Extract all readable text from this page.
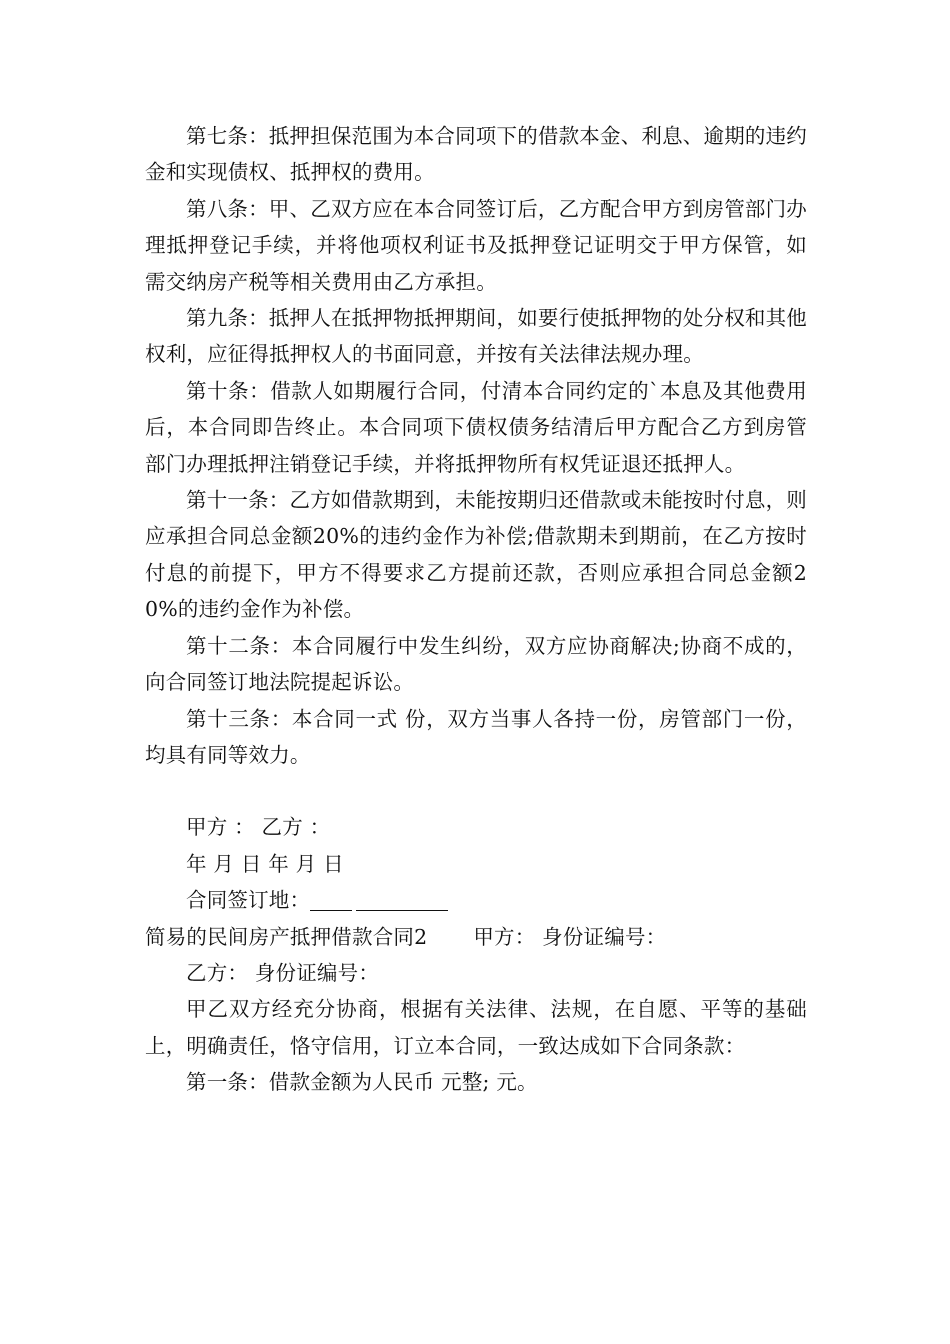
第七条：抵押担保范围为本合同项下的借款本金、利息、逾期的违约金和实现债权、抵押权的费用。

第八条：甲、乙双方应在本合同签订后，乙方配合甲方到房管部门办理抵押登记手续，并将他项权利证书及抵押登记证明交于甲方保管，如需交纳房产税等相关费用由乙方承担。

第九条：抵押人在抵押物抵押期间，如要行使抵押物的处分权和其他权利，应征得抵押权人的书面同意，并按有关法律法规办理。

第十条：借款人如期履行合同，付清本合同约定的`本息及其他费用后，本合同即告终止。本合同项下债权债务结清后甲方配合乙方到房管部门办理抵押注销登记手续，并将抵押物所有权凭证退还抵押人。

第十一条：乙方如借款期到，未能按期归还借款或未能按时付息，则应承担合同总金额20%的违约金作为补偿;借款期未到期前，在乙方按时付息的前提下，甲方不得要求乙方提前还款，否则应承担合同总金额20%的违约金作为补偿。

第十二条：本合同履行中发生纠纷，双方应协商解决;协商不成的，向合同签订地法院提起诉讼。

第十三条：本合同一式 份，双方当事人各持一份，房管部门一份，均具有同等效力。

甲方 ： 乙方 ：

年 月 日 年 月 日

合同签订地：

简易的民间房产抵押借款合同2 甲方： 身份证编号：

乙方： 身份证编号：

甲乙双方经充分协商，根据有关法律、法规，在自愿、平等的基础上，明确责任，恪守信用，订立本合同，一致达成如下合同条款：

第一条：借款金额为人民币 元整; 元。
